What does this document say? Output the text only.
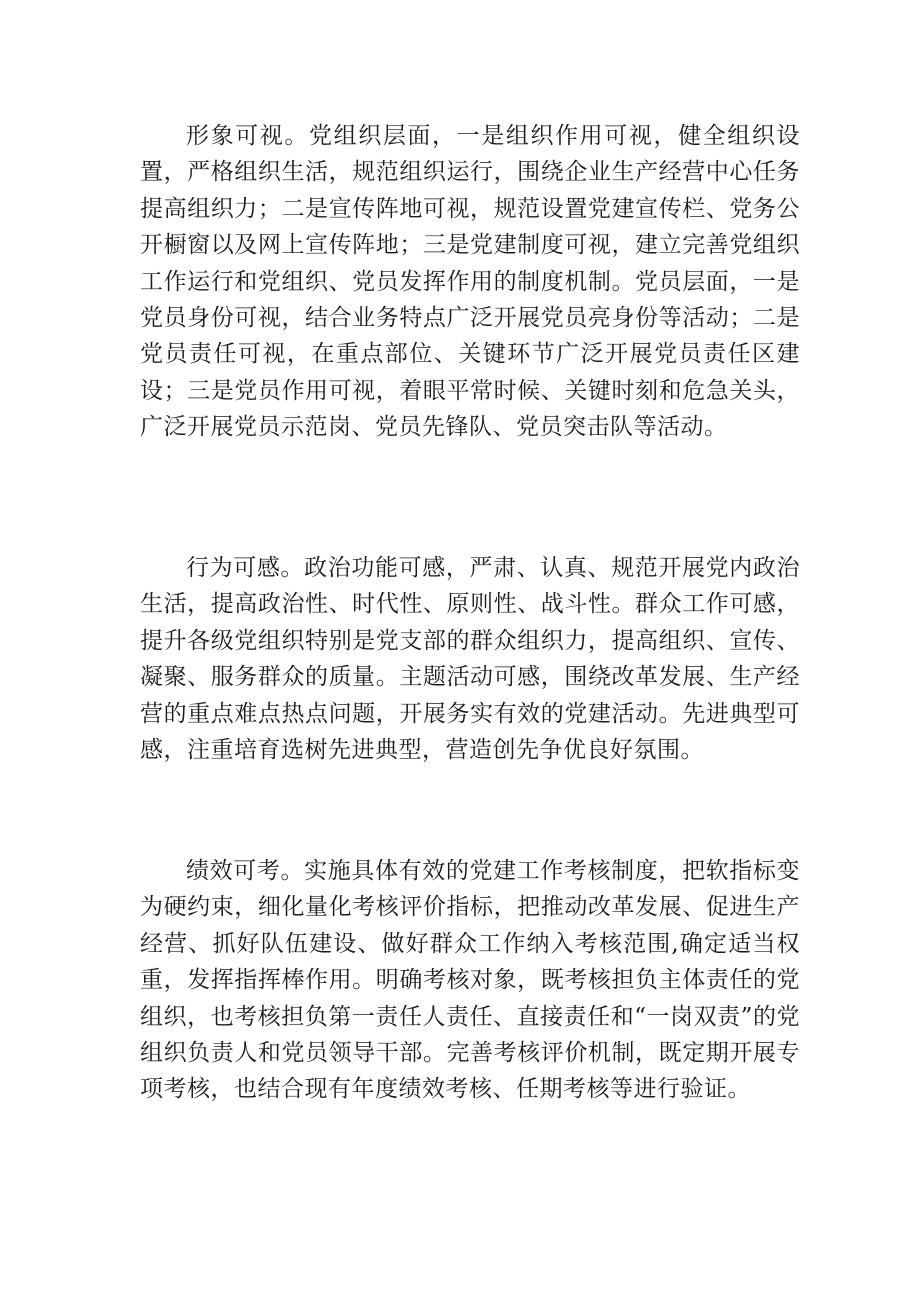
形象可视。党组织层面，一是组织作用可视，健全组织设置，严格组织生活，规范组织运行，围绕企业生产经营中心任务提高组织力；二是宣传阵地可视，规范设置党建宣传栏、党务公开橱窗以及网上宣传阵地；三是党建制度可视，建立完善党组织工作运行和党组织、党员发挥作用的制度机制。党员层面，一是党员身份可视，结合业务特点广泛开展党员亮身份等活动；二是党员责任可视，在重点部位、关键环节广泛开展党员责任区建设；三是党员作用可视，着眼平常时候、关键时刻和危急关头，广泛开展党员示范岗、党员先锋队、党员突击队等活动。

行为可感。政治功能可感，严肃、认真、规范开展党内政治生活，提高政治性、时代性、原则性、战斗性。群众工作可感，提升各级党组织特别是党支部的群众组织力，提高组织、宣传、凝聚、服务群众的质量。主题活动可感，围绕改革发展、生产经营的重点难点热点问题，开展务实有效的党建活动。先进典型可感，注重培育选树先进典型，营造创先争优良好氛围。

绩效可考。实施具体有效的党建工作考核制度，把软指标变为硬约束，细化量化考核评价指标，把推动改革发展、促进生产经营、抓好队伍建设、做好群众工作纳入考核范围,确定适当权重，发挥指挥棒作用。明确考核对象，既考核担负主体责任的党组织，也考核担负第一责任人责任、直接责任和“一岗双责”的党组织负责人和党员领导干部。完善考核评价机制，既定期开展专项考核，也结合现有年度绩效考核、任期考核等进行验证。
